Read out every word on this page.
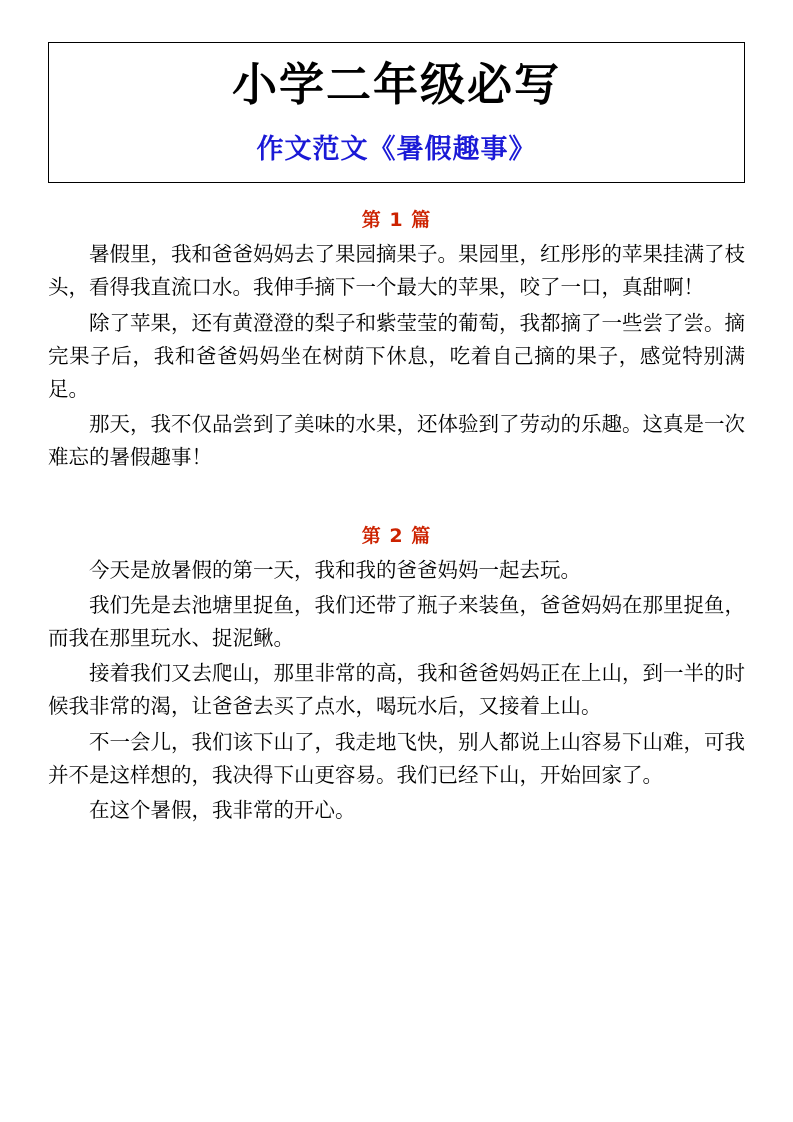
小学二年级必写
作文范文《暑假趣事》
第 1 篇

暑假里，我和爸爸妈妈去了果园摘果子。果园里，红彤彤的苹果挂满了枝头，看得我直流口水。我伸手摘下一个最大的苹果，咬了一口，真甜啊！

除了苹果，还有黄澄澄的梨子和紫莹莹的葡萄，我都摘了一些尝了尝。摘完果子后，我和爸爸妈妈坐在树荫下休息，吃着自己摘的果子，感觉特别满足。

那天，我不仅品尝到了美味的水果，还体验到了劳动的乐趣。这真是一次难忘的暑假趣事！

第 2 篇

今天是放暑假的第一天，我和我的爸爸妈妈一起去玩。

我们先是去池塘里捉鱼，我们还带了瓶子来装鱼，爸爸妈妈在那里捉鱼，而我在那里玩水、捉泥鳅。

接着我们又去爬山，那里非常的高，我和爸爸妈妈正在上山，到一半的时候我非常的渴，让爸爸去买了点水，喝玩水后，又接着上山。

不一会儿，我们该下山了，我走地飞快，别人都说上山容易下山难，可我并不是这样想的，我决得下山更容易。我们已经下山，开始回家了。

在这个暑假，我非常的开心。
